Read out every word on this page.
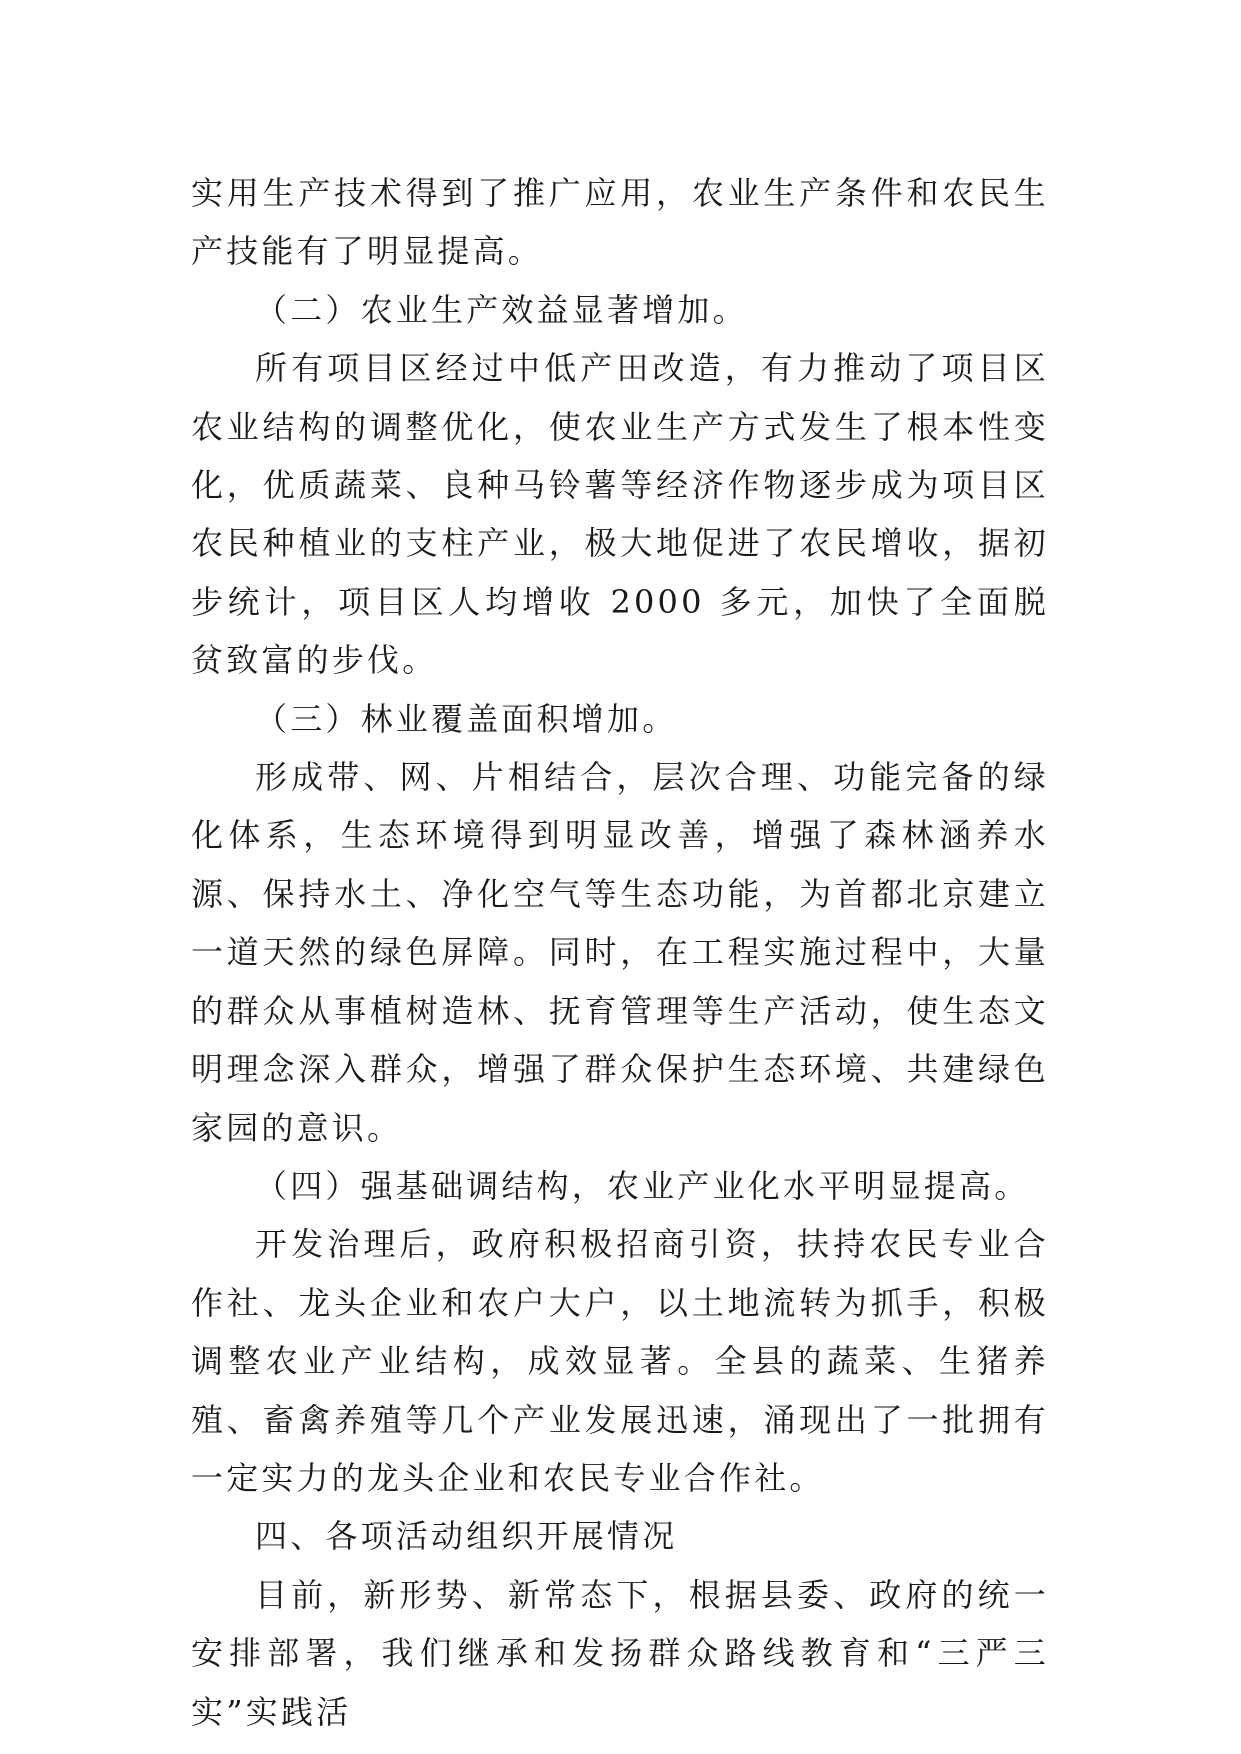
实用生产技术得到了推广应用，农业生产条件和农民生产技能有了明显提高。

（二）农业生产效益显著增加。

所有项目区经过中低产田改造，有力推动了项目区农业结构的调整优化，使农业生产方式发生了根本性变化，优质蔬菜、良种马铃薯等经济作物逐步成为项目区农民种植业的支柱产业，极大地促进了农民增收，据初步统计，项目区人均增收 2000 多元，加快了全面脱贫致富的步伐。

（三）林业覆盖面积增加。

形成带、网、片相结合，层次合理、功能完备的绿化体系，生态环境得到明显改善，增强了森林涵养水源、保持水土、净化空气等生态功能，为首都北京建立一道天然的绿色屏障。同时，在工程实施过程中，大量的群众从事植树造林、抚育管理等生产活动，使生态文明理念深入群众，增强了群众保护生态环境、共建绿色家园的意识。

（四）强基础调结构，农业产业化水平明显提高。

开发治理后，政府积极招商引资，扶持农民专业合作社、龙头企业和农户大户，以土地流转为抓手，积极调整农业产业结构，成效显著。全县的蔬菜、生猪养殖、畜禽养殖等几个产业发展迅速，涌现出了一批拥有一定实力的龙头企业和农民专业合作社。

四、各项活动组织开展情况

目前，新形势、新常态下，根据县委、政府的统一安排部署，我们继承和发扬群众路线教育和“三严三实”实践活
